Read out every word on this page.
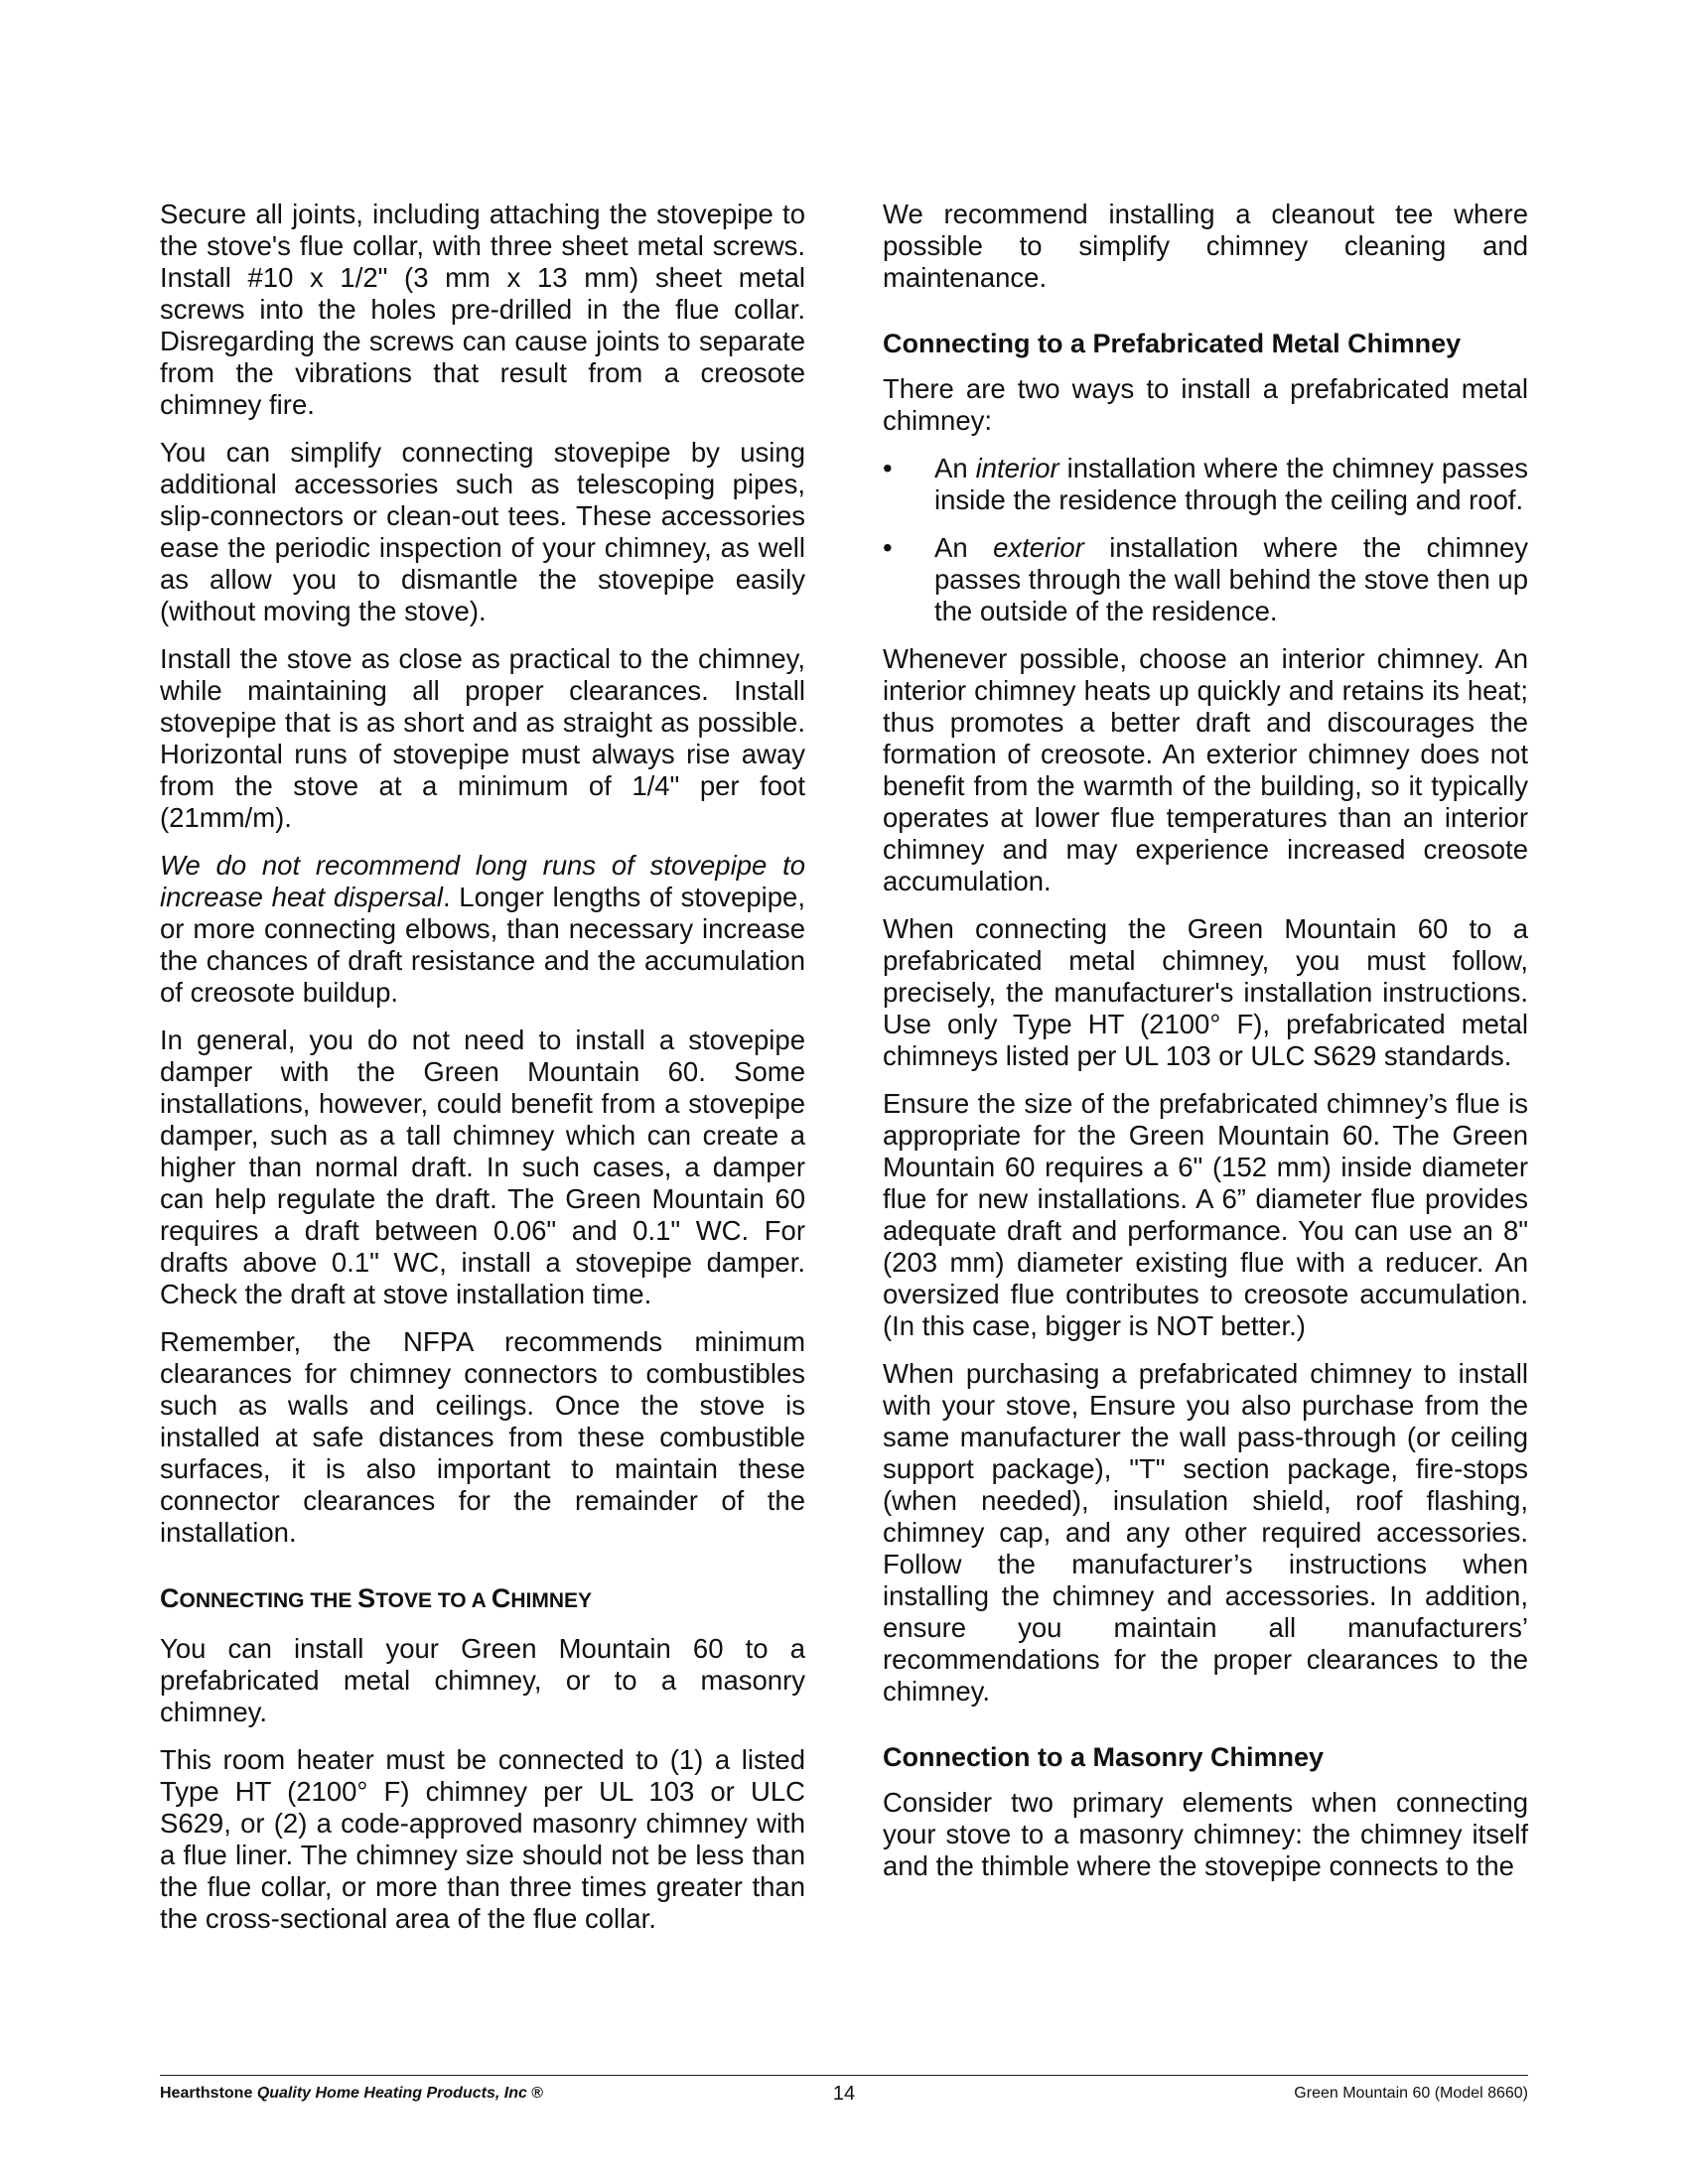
Secure all joints, including attaching the stovepipe to the stove's flue collar, with three sheet metal screws. Install #10 x 1/2" (3 mm x 13 mm) sheet metal screws into the holes pre-drilled in the flue collar. Disregarding the screws can cause joints to separate from the vibrations that result from a creosote chimney fire.

You can simplify connecting stovepipe by using additional accessories such as telescoping pipes, slip-connectors or clean-out tees. These accessories ease the periodic inspection of your chimney, as well as allow you to dismantle the stovepipe easily (without moving the stove).

Install the stove as close as practical to the chimney, while maintaining all proper clearances. Install stovepipe that is as short and as straight as possible. Horizontal runs of stovepipe must always rise away from the stove at a minimum of 1/4" per foot (21mm/m).

We do not recommend long runs of stovepipe to increase heat dispersal. Longer lengths of stovepipe, or more connecting elbows, than necessary increase the chances of draft resistance and the accumulation of creosote buildup.

In general, you do not need to install a stovepipe damper with the Green Mountain 60. Some installations, however, could benefit from a stovepipe damper, such as a tall chimney which can create a higher than normal draft. In such cases, a damper can help regulate the draft. The Green Mountain 60 requires a draft between 0.06" and 0.1" WC. For drafts above 0.1" WC, install a stovepipe damper. Check the draft at stove installation time.

Remember, the NFPA recommends minimum clearances for chimney connectors to combustibles such as walls and ceilings. Once the stove is installed at safe distances from these combustible surfaces, it is also important to maintain these connector clearances for the remainder of the installation.

CONNECTING THE STOVE TO A CHIMNEY

You can install your Green Mountain 60 to a prefabricated metal chimney, or to a masonry chimney.

This room heater must be connected to (1) a listed Type HT (2100° F) chimney per UL 103 or ULC S629, or (2) a code-approved masonry chimney with a flue liner. The chimney size should not be less than the flue collar, or more than three times greater than the cross-sectional area of the flue collar.

We recommend installing a cleanout tee where possible to simplify chimney cleaning and maintenance.

Connecting to a Prefabricated Metal Chimney

There are two ways to install a prefabricated metal chimney:

• An interior installation where the chimney passes inside the residence through the ceiling and roof.
• An exterior installation where the chimney passes through the wall behind the stove then up the outside of the residence.

Whenever possible, choose an interior chimney. An interior chimney heats up quickly and retains its heat; thus promotes a better draft and discourages the formation of creosote. An exterior chimney does not benefit from the warmth of the building, so it typically operates at lower flue temperatures than an interior chimney and may experience increased creosote accumulation.

When connecting the Green Mountain 60 to a prefabricated metal chimney, you must follow, precisely, the manufacturer's installation instructions. Use only Type HT (2100° F), prefabricated metal chimneys listed per UL 103 or ULC S629 standards.

Ensure the size of the prefabricated chimney’s flue is appropriate for the Green Mountain 60. The Green Mountain 60 requires a 6" (152 mm) inside diameter flue for new installations. A 6” diameter flue provides adequate draft and performance. You can use an 8" (203 mm) diameter existing flue with a reducer. An oversized flue contributes to creosote accumulation. (In this case, bigger is NOT better.)

When purchasing a prefabricated chimney to install with your stove, Ensure you also purchase from the same manufacturer the wall pass-through (or ceiling support package), "T" section package, fire-stops (when needed), insulation shield, roof flashing, chimney cap, and any other required accessories. Follow the manufacturer’s instructions when installing the chimney and accessories. In addition, ensure you maintain all manufacturers’ recommendations for the proper clearances to the chimney.

Connection to a Masonry Chimney

Consider two primary elements when connecting your stove to a masonry chimney: the chimney itself and the thimble where the stovepipe connects to the

Hearthstone Quality Home Heating Products, Inc ®	14	Green Mountain 60 (Model 8660)
